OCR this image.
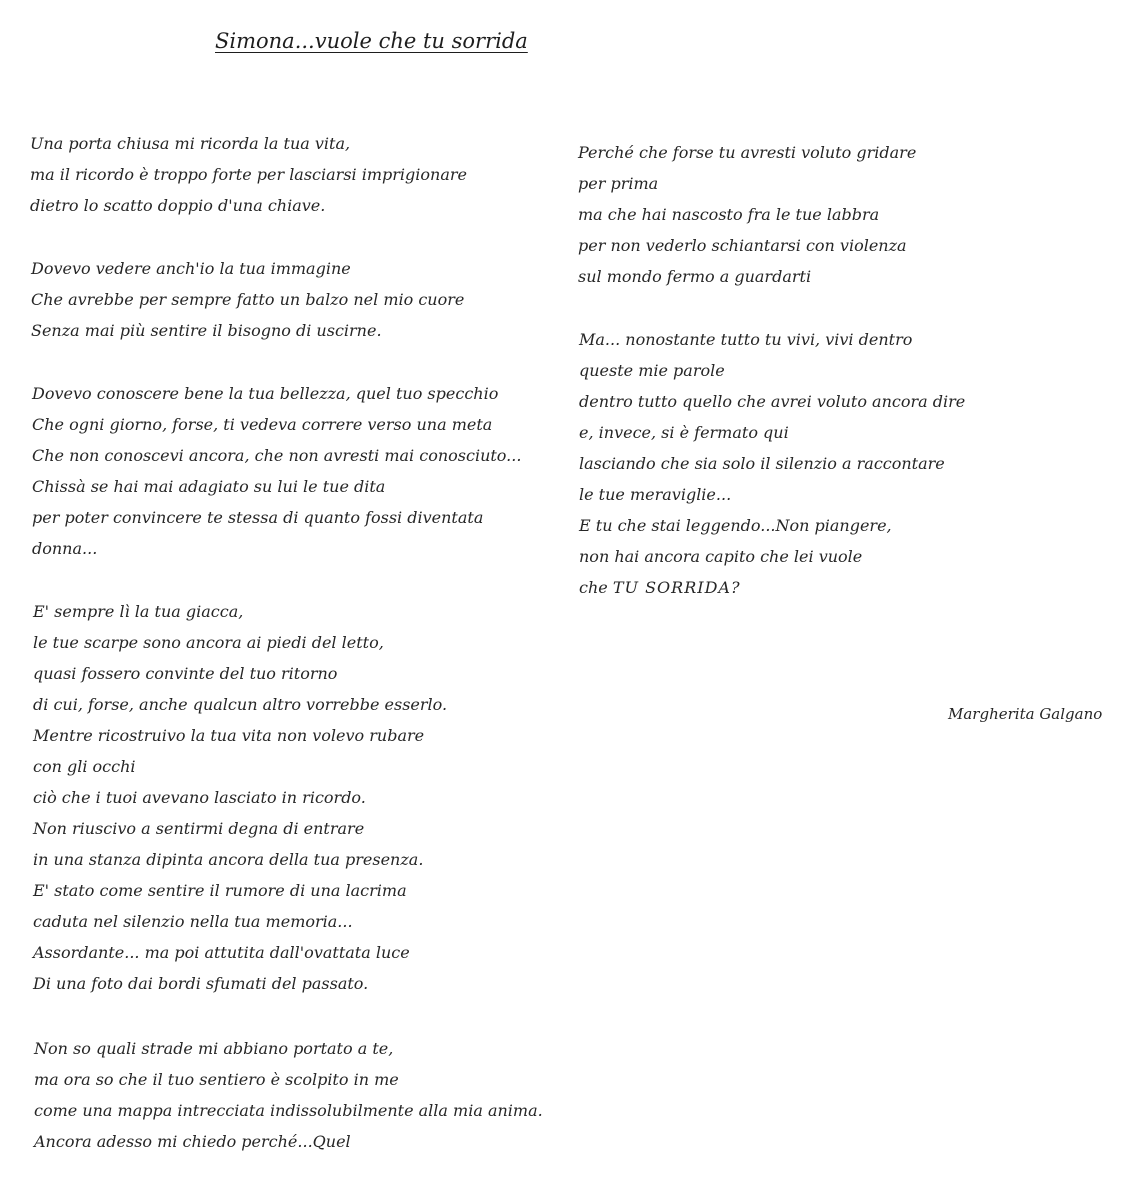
Simona...vuole che tu sorrida
Una porta chiusa mi ricorda la tua vita,
ma il ricordo è troppo forte per lasciarsi imprigionare
dietro lo scatto doppio d'una chiave.
Dovevo vedere anch'io la tua immagine
Che avrebbe per sempre fatto un balzo nel mio cuore
Senza mai più sentire il bisogno di uscirne.
Dovevo conoscere bene la tua bellezza, quel tuo specchio
Che ogni giorno, forse, ti vedeva correre verso una meta
Che non conoscevi ancora, che non avresti mai conosciuto...
Chissà se hai mai adagiato su lui le tue dita
per poter convincere te stessa di quanto fossi diventata
donna...
E' sempre lì la tua giacca,
le tue scarpe sono ancora ai piedi del letto,
quasi fossero convinte del tuo ritorno
di cui, forse, anche qualcun altro vorrebbe esserlo.
Mentre ricostruivo la tua vita non volevo rubare
con gli occhi
ciò che i tuoi avevano lasciato in ricordo.
Non riuscivo a sentirmi degna di entrare
in una stanza dipinta ancora della tua presenza.
E' stato come sentire il rumore di una lacrima
caduta nel silenzio nella tua memoria...
Assordante... ma poi attutita dall'ovattata luce
Di una foto dai bordi sfumati del passato.
Non so quali strade mi abbiano portato a te,
ma ora so che il tuo sentiero è scolpito in me
come una mappa intrecciata indissolubilmente alla mia anima.
Ancora adesso mi chiedo perché...Quel
Perché che forse tu avresti voluto gridare
per prima
ma che hai nascosto fra le tue labbra
per non vederlo schiantarsi con violenza
sul mondo fermo a guardarti
Ma... nonostante tutto tu vivi, vivi dentro
queste mie parole
dentro tutto quello che avrei voluto ancora dire
e, invece, si è fermato qui
lasciando che sia solo il silenzio a raccontare
le tue meraviglie...
E tu che stai leggendo...Non piangere,
non hai ancora capito che lei vuole
che TU SORRIDA?
Margherita Galgano
